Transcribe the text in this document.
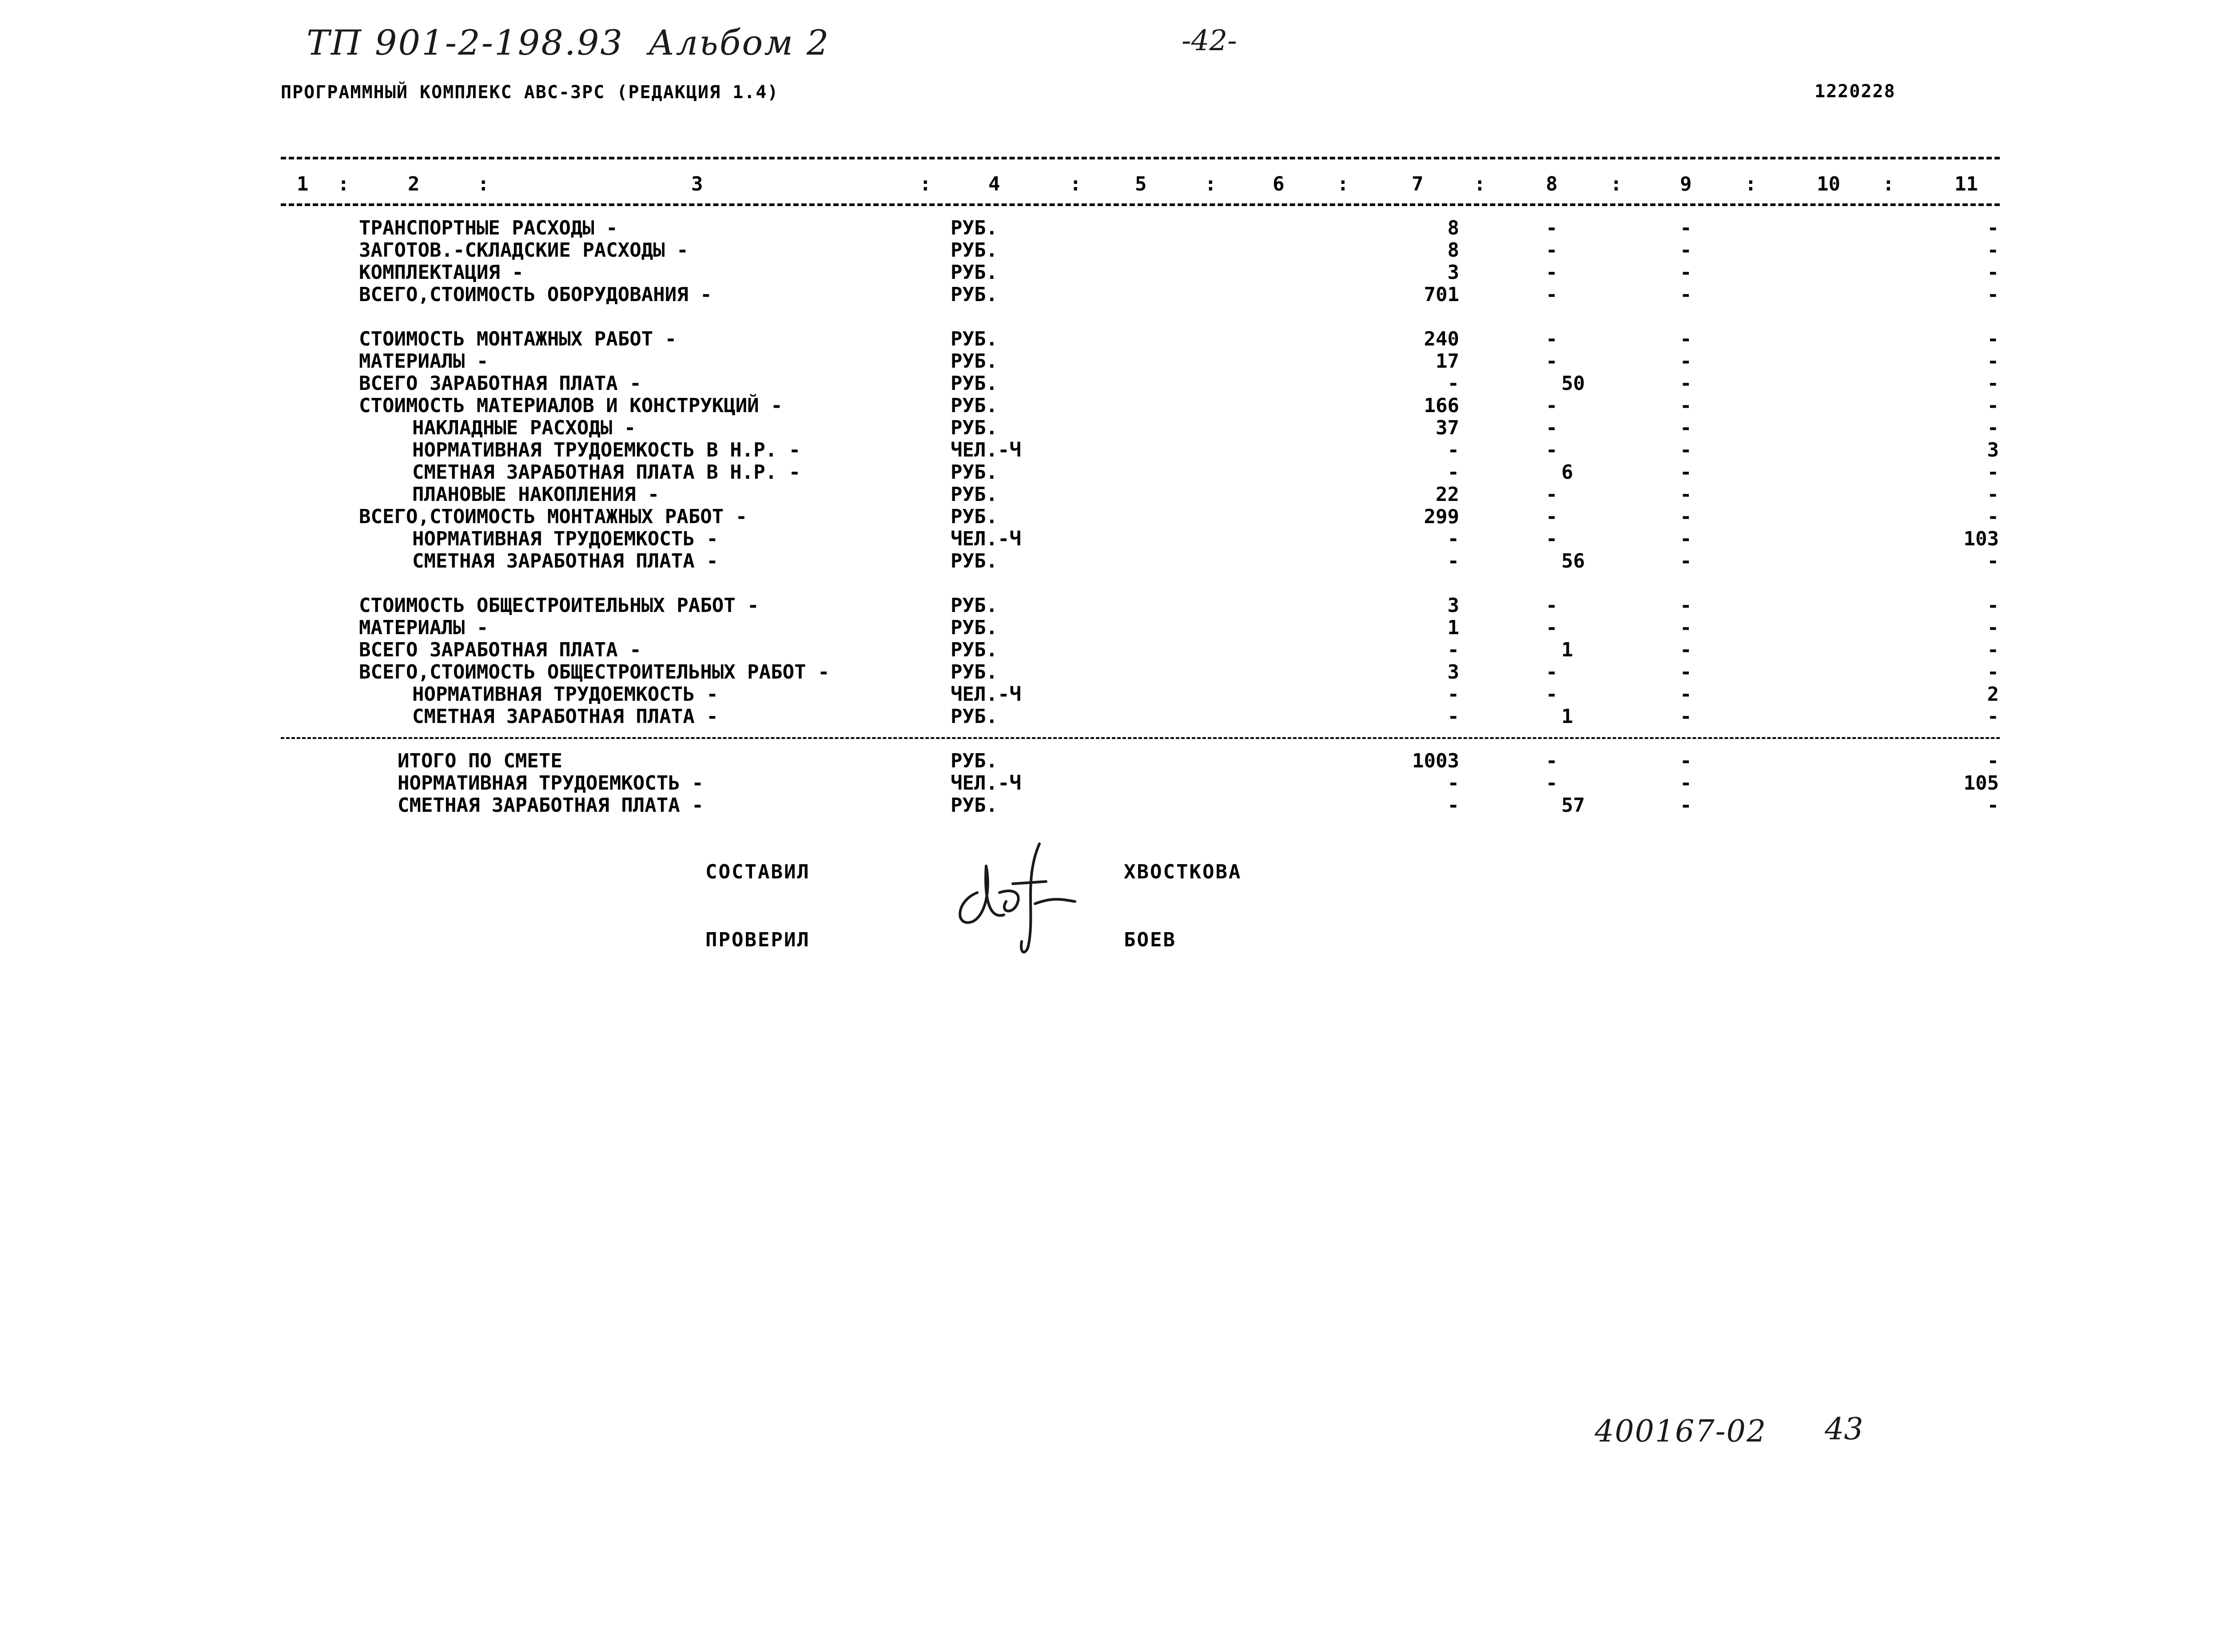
ТП 901-2-198.93  Альбом 2	-42-
ПРОГРАММНЫЙ КОМПЛЕКС АВС-3РС (РЕДАКЦИЯ 1.4)	1220228
1	2	3	4	5	6	7	8	9	10	11
:	:	:	:	:	:	:	:	:	:
ТРАНСПОРТНЫЕ РАСХОДЫ -	РУБ.	8	-	-	-
ЗАГОТОВ.-СКЛАДСКИЕ РАСХОДЫ -	РУБ.	8	-	-	-
КОМПЛЕКТАЦИЯ -	РУБ.	3	-	-	-
ВСЕГО,СТОИМОСТЬ ОБОРУДОВАНИЯ -	РУБ.	701	-	-	-
СТОИМОСТЬ МОНТАЖНЫХ РАБОТ -	РУБ.	240	-	-	-
МАТЕРИАЛЫ -	РУБ.	17	-	-	-
ВСЕГО ЗАРАБОТНАЯ ПЛАТА -	РУБ.	-	50	-	-
СТОИМОСТЬ МАТЕРИАЛОВ И КОНСТРУКЦИЙ -	РУБ.	166	-	-	-
НАКЛАДНЫЕ РАСХОДЫ -	РУБ.	37	-	-	-
НОРМАТИВНАЯ ТРУДОЕМКОСТЬ В Н.Р. -	ЧЕЛ.-Ч	-	-	-	3
СМЕТНАЯ ЗАРАБОТНАЯ ПЛАТА В Н.Р. -	РУБ.	-	6	-	-
ПЛАНОВЫЕ НАКОПЛЕНИЯ -	РУБ.	22	-	-	-
ВСЕГО,СТОИМОСТЬ МОНТАЖНЫХ РАБОТ -	РУБ.	299	-	-	-
НОРМАТИВНАЯ ТРУДОЕМКОСТЬ -	ЧЕЛ.-Ч	-	-	-	103
СМЕТНАЯ ЗАРАБОТНАЯ ПЛАТА -	РУБ.	-	56	-	-
СТОИМОСТЬ ОБЩЕСТРОИТЕЛЬНЫХ РАБОТ -	РУБ.	3	-	-	-
МАТЕРИАЛЫ -	РУБ.	1	-	-	-
ВСЕГО ЗАРАБОТНАЯ ПЛАТА -	РУБ.	-	1	-	-
ВСЕГО,СТОИМОСТЬ ОБЩЕСТРОИТЕЛЬНЫХ РАБОТ -	РУБ.	3	-	-	-
НОРМАТИВНАЯ ТРУДОЕМКОСТЬ -	ЧЕЛ.-Ч	-	-	-	2
СМЕТНАЯ ЗАРАБОТНАЯ ПЛАТА -	РУБ.	-	1	-	-
ИТОГО ПО СМЕТЕ	РУБ.	1003	-	-	-
НОРМАТИВНАЯ ТРУДОЕМКОСТЬ -	ЧЕЛ.-Ч	-	-	-	105
СМЕТНАЯ ЗАРАБОТНАЯ ПЛАТА -	РУБ.	-	57	-	-
СОСТАВИЛ	ХВОСТКОВА
ПРОВЕРИЛ	БОЕВ
400167-02 43
